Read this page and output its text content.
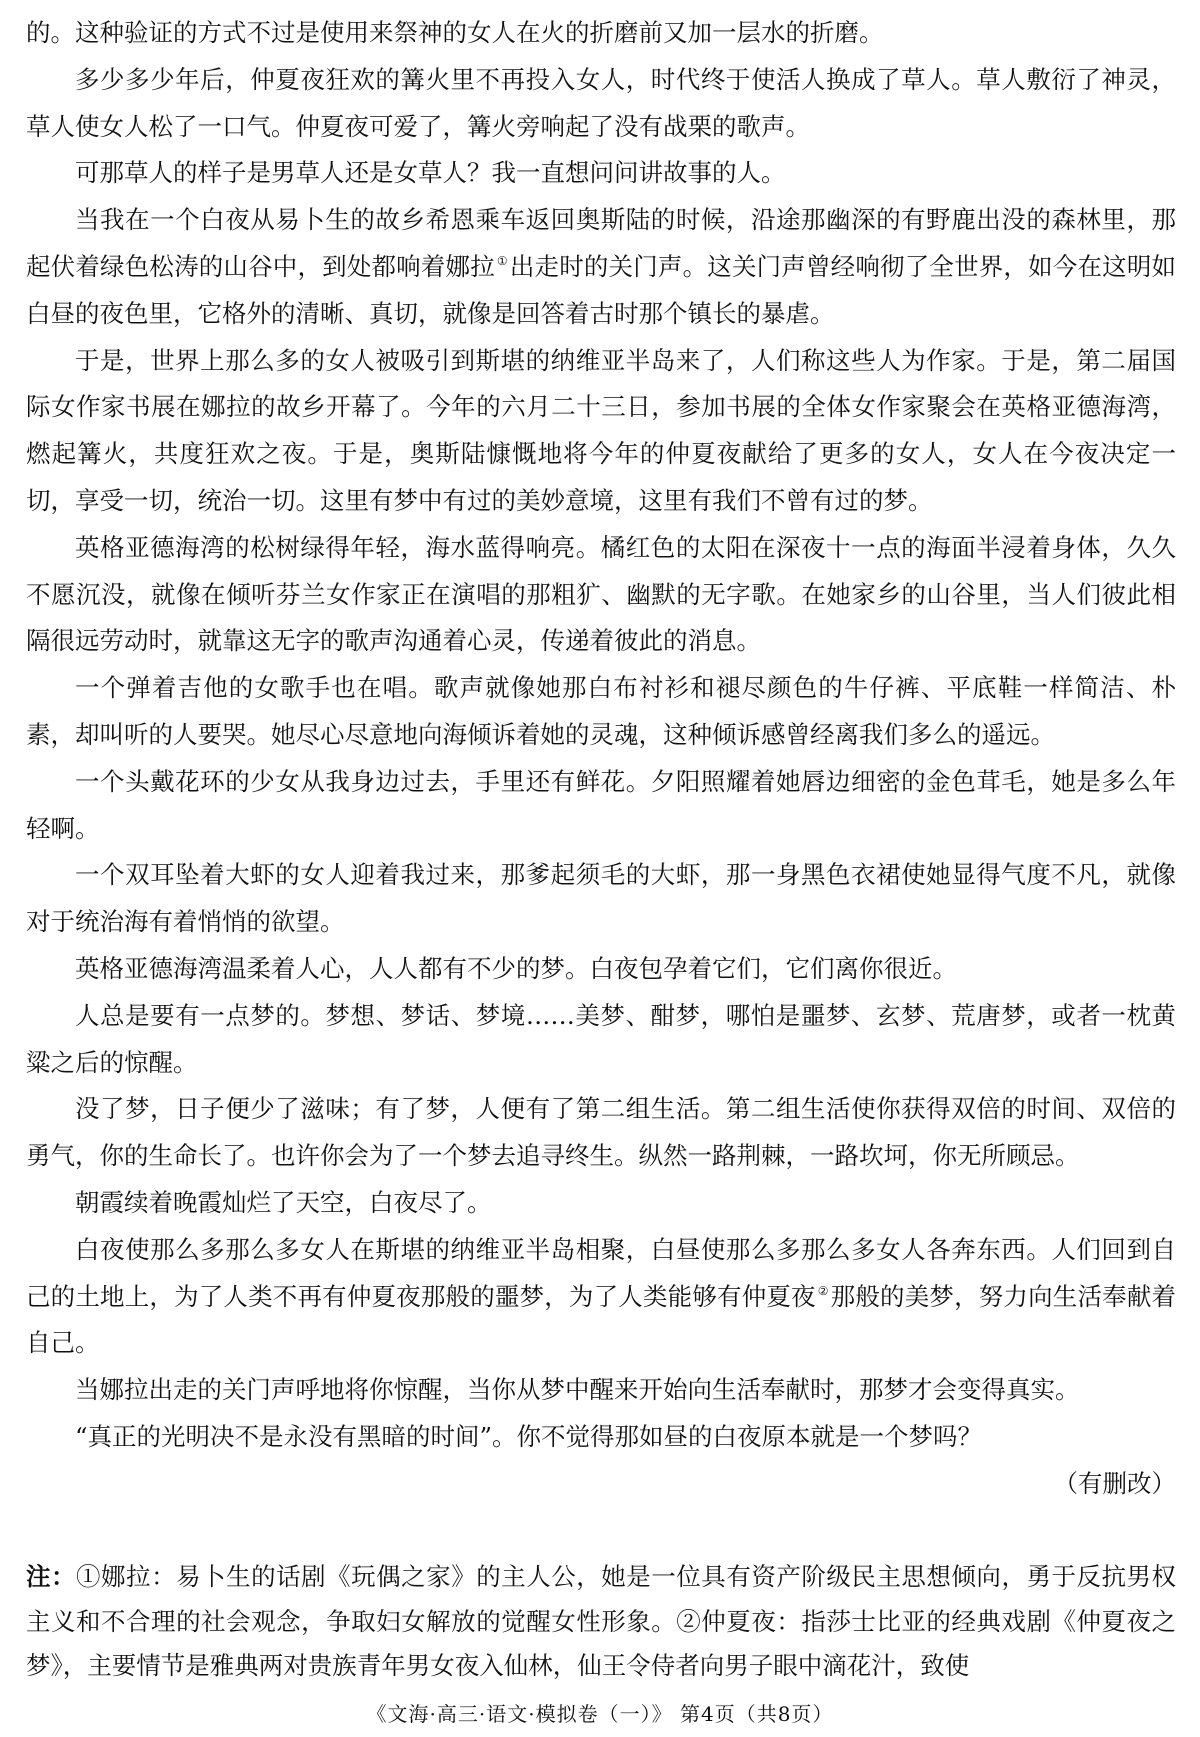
的。这种验证的方式不过是使用来祭神的女人在火的折磨前又加一层水的折磨。

多少多少年后，仲夏夜狂欢的篝火里不再投入女人，时代终于使活人换成了草人。草人敷衍了神灵，草人使女人松了一口气。仲夏夜可爱了，篝火旁响起了没有战栗的歌声。

可那草人的样子是男草人还是女草人？我一直想问问讲故事的人。

当我在一个白夜从易卜生的故乡希恩乘车返回奥斯陆的时候，沿途那幽深的有野鹿出没的森林里，那起伏着绿色松涛的山谷中，到处都响着娜拉 ①出走时的关门声。这关门声曾经响彻了全世界，如今在这明如白昼的夜色里，它格外的清晰、真切，就像是回答着古时那个镇长的暴虐。

于是，世界上那么多的女人被吸引到斯堪的纳维亚半岛来了，人们称这些人为作家。于是，第二届国际女作家书展在娜拉的故乡开幕了。今年的六月二十三日，参加书展的全体女作家聚会在英格亚德海湾，燃起篝火，共度狂欢之夜。于是，奥斯陆慷慨地将今年的仲夏夜献给了更多的女人，女人在今夜决定一切，享受一切，统治一切。这里有梦中有过的美妙意境，这里有我们不曾有过的梦。

英格亚德海湾的松树绿得年轻，海水蓝得响亮。橘红色的太阳在深夜十一点的海面半浸着身体，久久不愿沉没，就像在倾听芬兰女作家正在演唱的那粗犷、幽默的无字歌。在她家乡的山谷里，当人们彼此相隔很远劳动时，就靠这无字的歌声沟通着心灵，传递着彼此的消息。

一个弹着吉他的女歌手也在唱。歌声就像她那白布衬衫和褪尽颜色的牛仔裤、平底鞋一样简洁、朴素，却叫听的人要哭。她尽心尽意地向海倾诉着她的灵魂，这种倾诉感曾经离我们多么的遥远。

一个头戴花环的少女从我身边过去，手里还有鲜花。夕阳照耀着她唇边细密的金色茸毛，她是多么年轻啊。

一个双耳坠着大虾的女人迎着我过来，那爹起须毛的大虾，那一身黑色衣裙使她显得气度不凡，就像对于统治海有着悄悄的欲望。

英格亚德海湾温柔着人心，人人都有不少的梦。白夜包孕着它们，它们离你很近。

人总是要有一点梦的。梦想、梦话、梦境……美梦、酣梦，哪怕是噩梦、玄梦、荒唐梦，或者一枕黄粱之后的惊醒。

没了梦，日子便少了滋味；有了梦，人便有了第二组生活。第二组生活使你获得双倍的时间、双倍的勇气，你的生命长了。也许你会为了一个梦去追寻终生。纵然一路荆棘，一路坎坷，你无所顾忌。

朝霞续着晚霞灿烂了天空，白夜尽了。

白夜使那么多那么多女人在斯堪的纳维亚半岛相聚，白昼使那么多那么多女人各奔东西。人们回到自己的土地上，为了人类不再有仲夏夜那般的噩梦，为了人类能够有仲夏夜 ②那般的美梦，努力向生活奉献着自己。

当娜拉出走的关门声呼地将你惊醒，当你从梦中醒来开始向生活奉献时，那梦才会变得真实。

“真正的光明决不是永没有黑暗的时间”。你不觉得那如昼的白夜原本就是一个梦吗？

（有删改）

注：①娜拉：易卜生的话剧《玩偶之家》的主人公，她是一位具有资产阶级民主思想倾向，勇于反抗男权主义和不合理的社会观念，争取妇女解放的觉醒女性形象。②仲夏夜：指莎士比亚的经典戏剧《仲夏夜之梦》，主要情节是雅典两对贵族青年男女夜入仙林，仙王令侍者向男子眼中滴花汁，致使

《文海·高三·语文·模拟卷（一）》 第4页（共8页）
